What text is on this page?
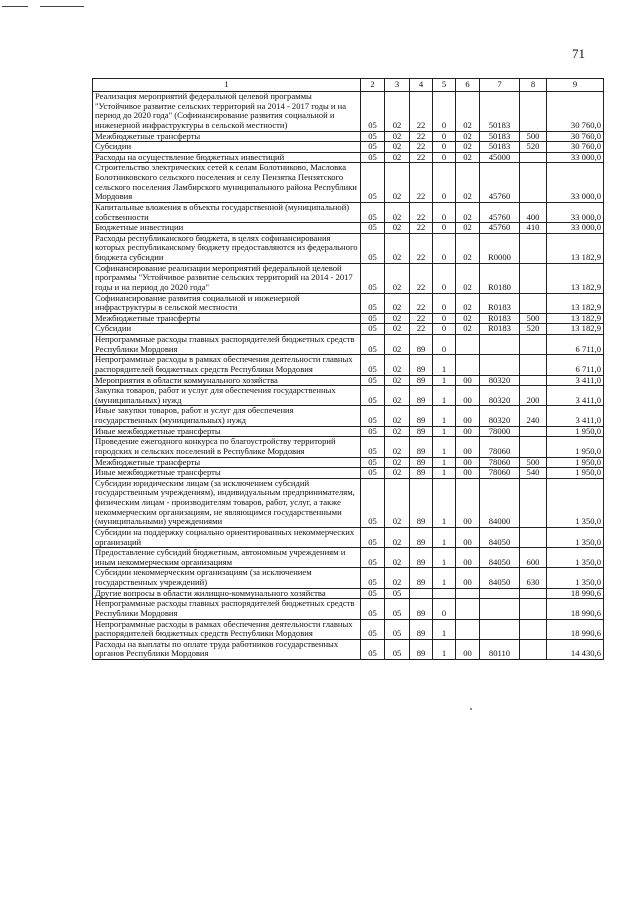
71
1	2	3	4	5	6	7	8	9
Реализация мероприятий федеральной целевой программы "Устойчивое развитие сельских территорий на 2014 - 2017 годы и на период до 2020 года" (Софинансирование развития социальной и инженерной инфраструктуры в сельской местности)	05	02	22	0	02	50183		30 760,0
Межбюджетные трансферты	05	02	22	0	02	50183	500	30 760,0
Субсидии	05	02	22	0	02	50183	520	30 760,0
Расходы на осуществление бюджетных инвестиций	05	02	22	0	02	45000		33 000,0
Строительство электрических сетей к селам Болотниково, Масловка Болотниковского сельского поселения и селу Пензятка Пензятского сельского поселения Ламбирского муниципального района Республики Мордовия	05	02	22	0	02	45760		33 000,0
Капитальные вложения в объекты государственной (муниципальной) собственности	05	02	22	0	02	45760	400	33 000,0
Бюджетные инвестиции	05	02	22	0	02	45760	410	33 000,0
Расходы республиканского бюджета, в целях софинансирования которых республиканскому бюджету предоставляются из федерального бюджета субсидии	05	02	22	0	02	R0000		13 182,9
Софинансирование реализации мероприятий федеральной целевой программы "Устойчивое развитие сельских территорий на 2014 - 2017 годы и на период до 2020 года"	05	02	22	0	02	R0180		13 182,9
Софинансирование развития социальной и инженерной инфраструктуры в сельской местности	05	02	22	0	02	R0183		13 182,9
Межбюджетные трансферты	05	02	22	0	02	R0183	500	13 182,9
Субсидии	05	02	22	0	02	R0183	520	13 182,9
Непрограммные расходы главных распорядителей бюджетных средств Республики Мордовия	05	02	89	0				6 711,0
Непрограммные расходы в рамках обеспечения деятельности главных распорядителей бюджетных средств Республики Мордовия	05	02	89	1				6 711,0
Мероприятия в области коммунального хозяйства	05	02	89	1	00	80320		3 411,0
Закупка товаров, работ и услуг для обеспечения государственных (муниципальных) нужд	05	02	89	1	00	80320	200	3 411,0
Иные закупки товаров, работ и услуг для обеспечения государственных (муниципальных) нужд	05	02	89	1	00	80320	240	3 411,0
Иные межбюджетные трансферты	05	02	89	1	00	78000		1 950,0
Проведение ежегодного конкурса по благоустройству территорий городских и сельских поселений в Республике Мордовия	05	02	89	1	00	78060		1 950,0
Межбюджетные трансферты	05	02	89	1	00	78060	500	1 950,0
Иные межбюджетные трансферты	05	02	89	1	00	78060	540	1 950,0
Субсидии юридическим лицам (за исключением субсидий государственным учреждениям), индивидуальным предпринимателям, физическим лицам - производителям товаров, работ, услуг, а также некоммерческим организациям, не являющимся государственными (муниципальными) учреждениями	05	02	89	1	00	84000		1 350,0
Субсидии на поддержку социально ориентированных некоммерческих организаций	05	02	89	1	00	84050		1 350,0
Предоставление субсидий бюджетным, автономным учреждениям и иным некоммерческим организациям	05	02	89	1	00	84050	600	1 350,0
Субсидии некоммерческим организациям (за исключением государственных учреждений)	05	02	89	1	00	84050	630	1 350,0
Другие вопросы в области жилищно-коммунального хозяйства	05	05						18 990,6
Непрограммные расходы главных распорядителей бюджетных средств Республики Мордовия	05	05	89	0				18 990,6
Непрограммные расходы в рамках обеспечения деятельности главных распорядителей бюджетных средств Республики Мордовия	05	05	89	1				18 990,6
Расходы на выплаты по оплате труда работников государственных органов Республики Мордовия	05	05	89	1	00	80110		14 430,6
